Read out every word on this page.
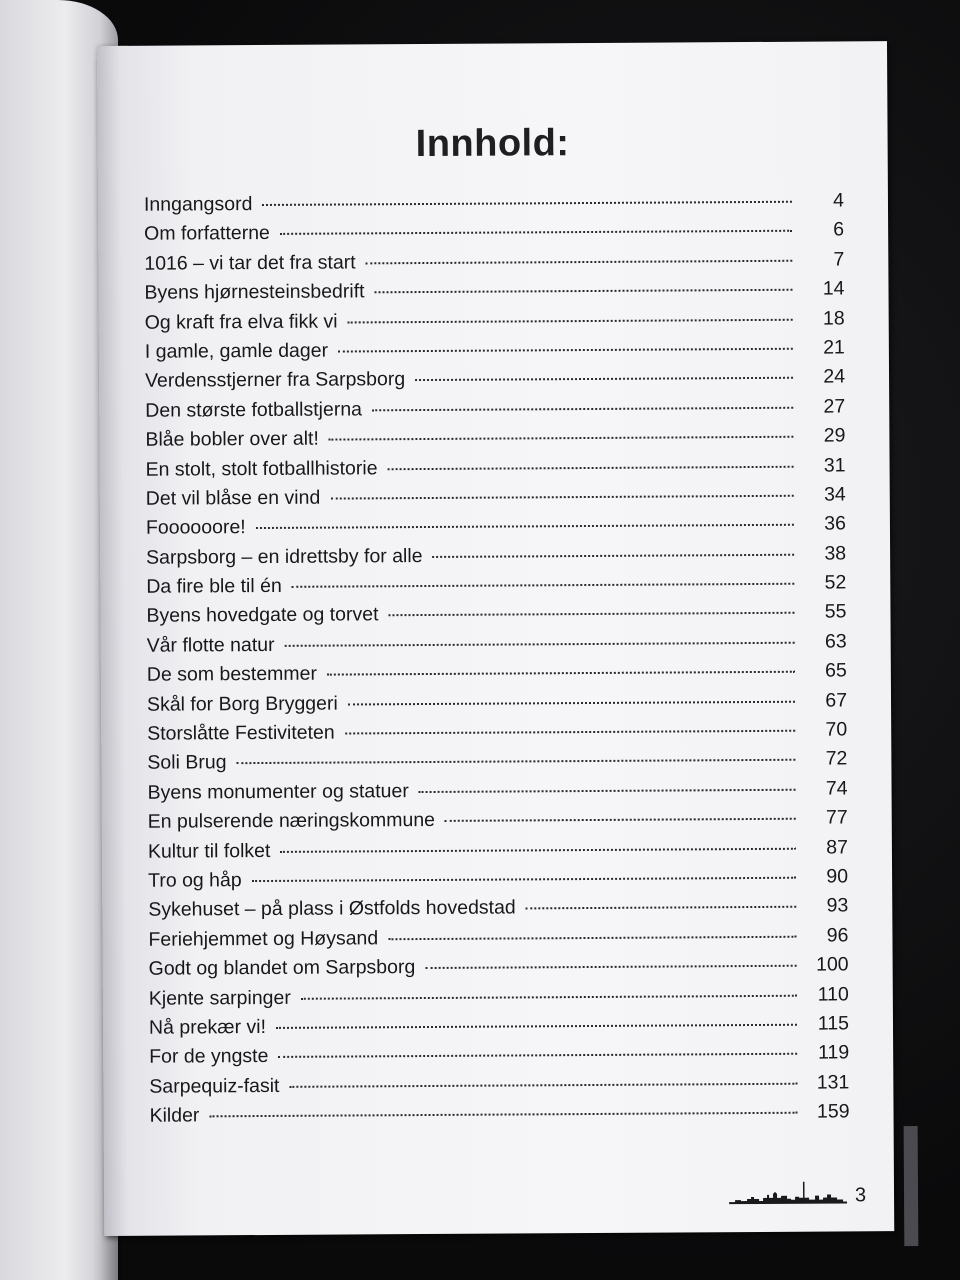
Innhold:
Inngangsord	4
Om forfatterne	6
1016 – vi tar det fra start	7
Byens hjørnesteinsbedrift	14
Og kraft fra elva fikk vi	18
I gamle, gamle dager	21
Verdensstjerner fra Sarpsborg	24
Den største fotballstjerna	27
Blåe bobler over alt!	29
En stolt, stolt fotballhistorie	31
Det vil blåse en vind	34
Foooooore!	36
Sarpsborg – en idrettsby for alle	38
Da fire ble til én	52
Byens hovedgate og torvet	55
Vår flotte natur	63
De som bestemmer	65
Skål for Borg Bryggeri	67
Storslåtte Festiviteten	70
Soli Brug	72
Byens monumenter og statuer	74
En pulserende næringskommune	77
Kultur til folket	87
Tro og håp	90
Sykehuset – på plass i Østfolds hovedstad	93
Feriehjemmet og Høysand	96
Godt og blandet om Sarpsborg	100
Kjente sarpinger	110
Nå prekær vi!	115
For de yngste	119
Sarpequiz-fasit	131
Kilder	159
3
